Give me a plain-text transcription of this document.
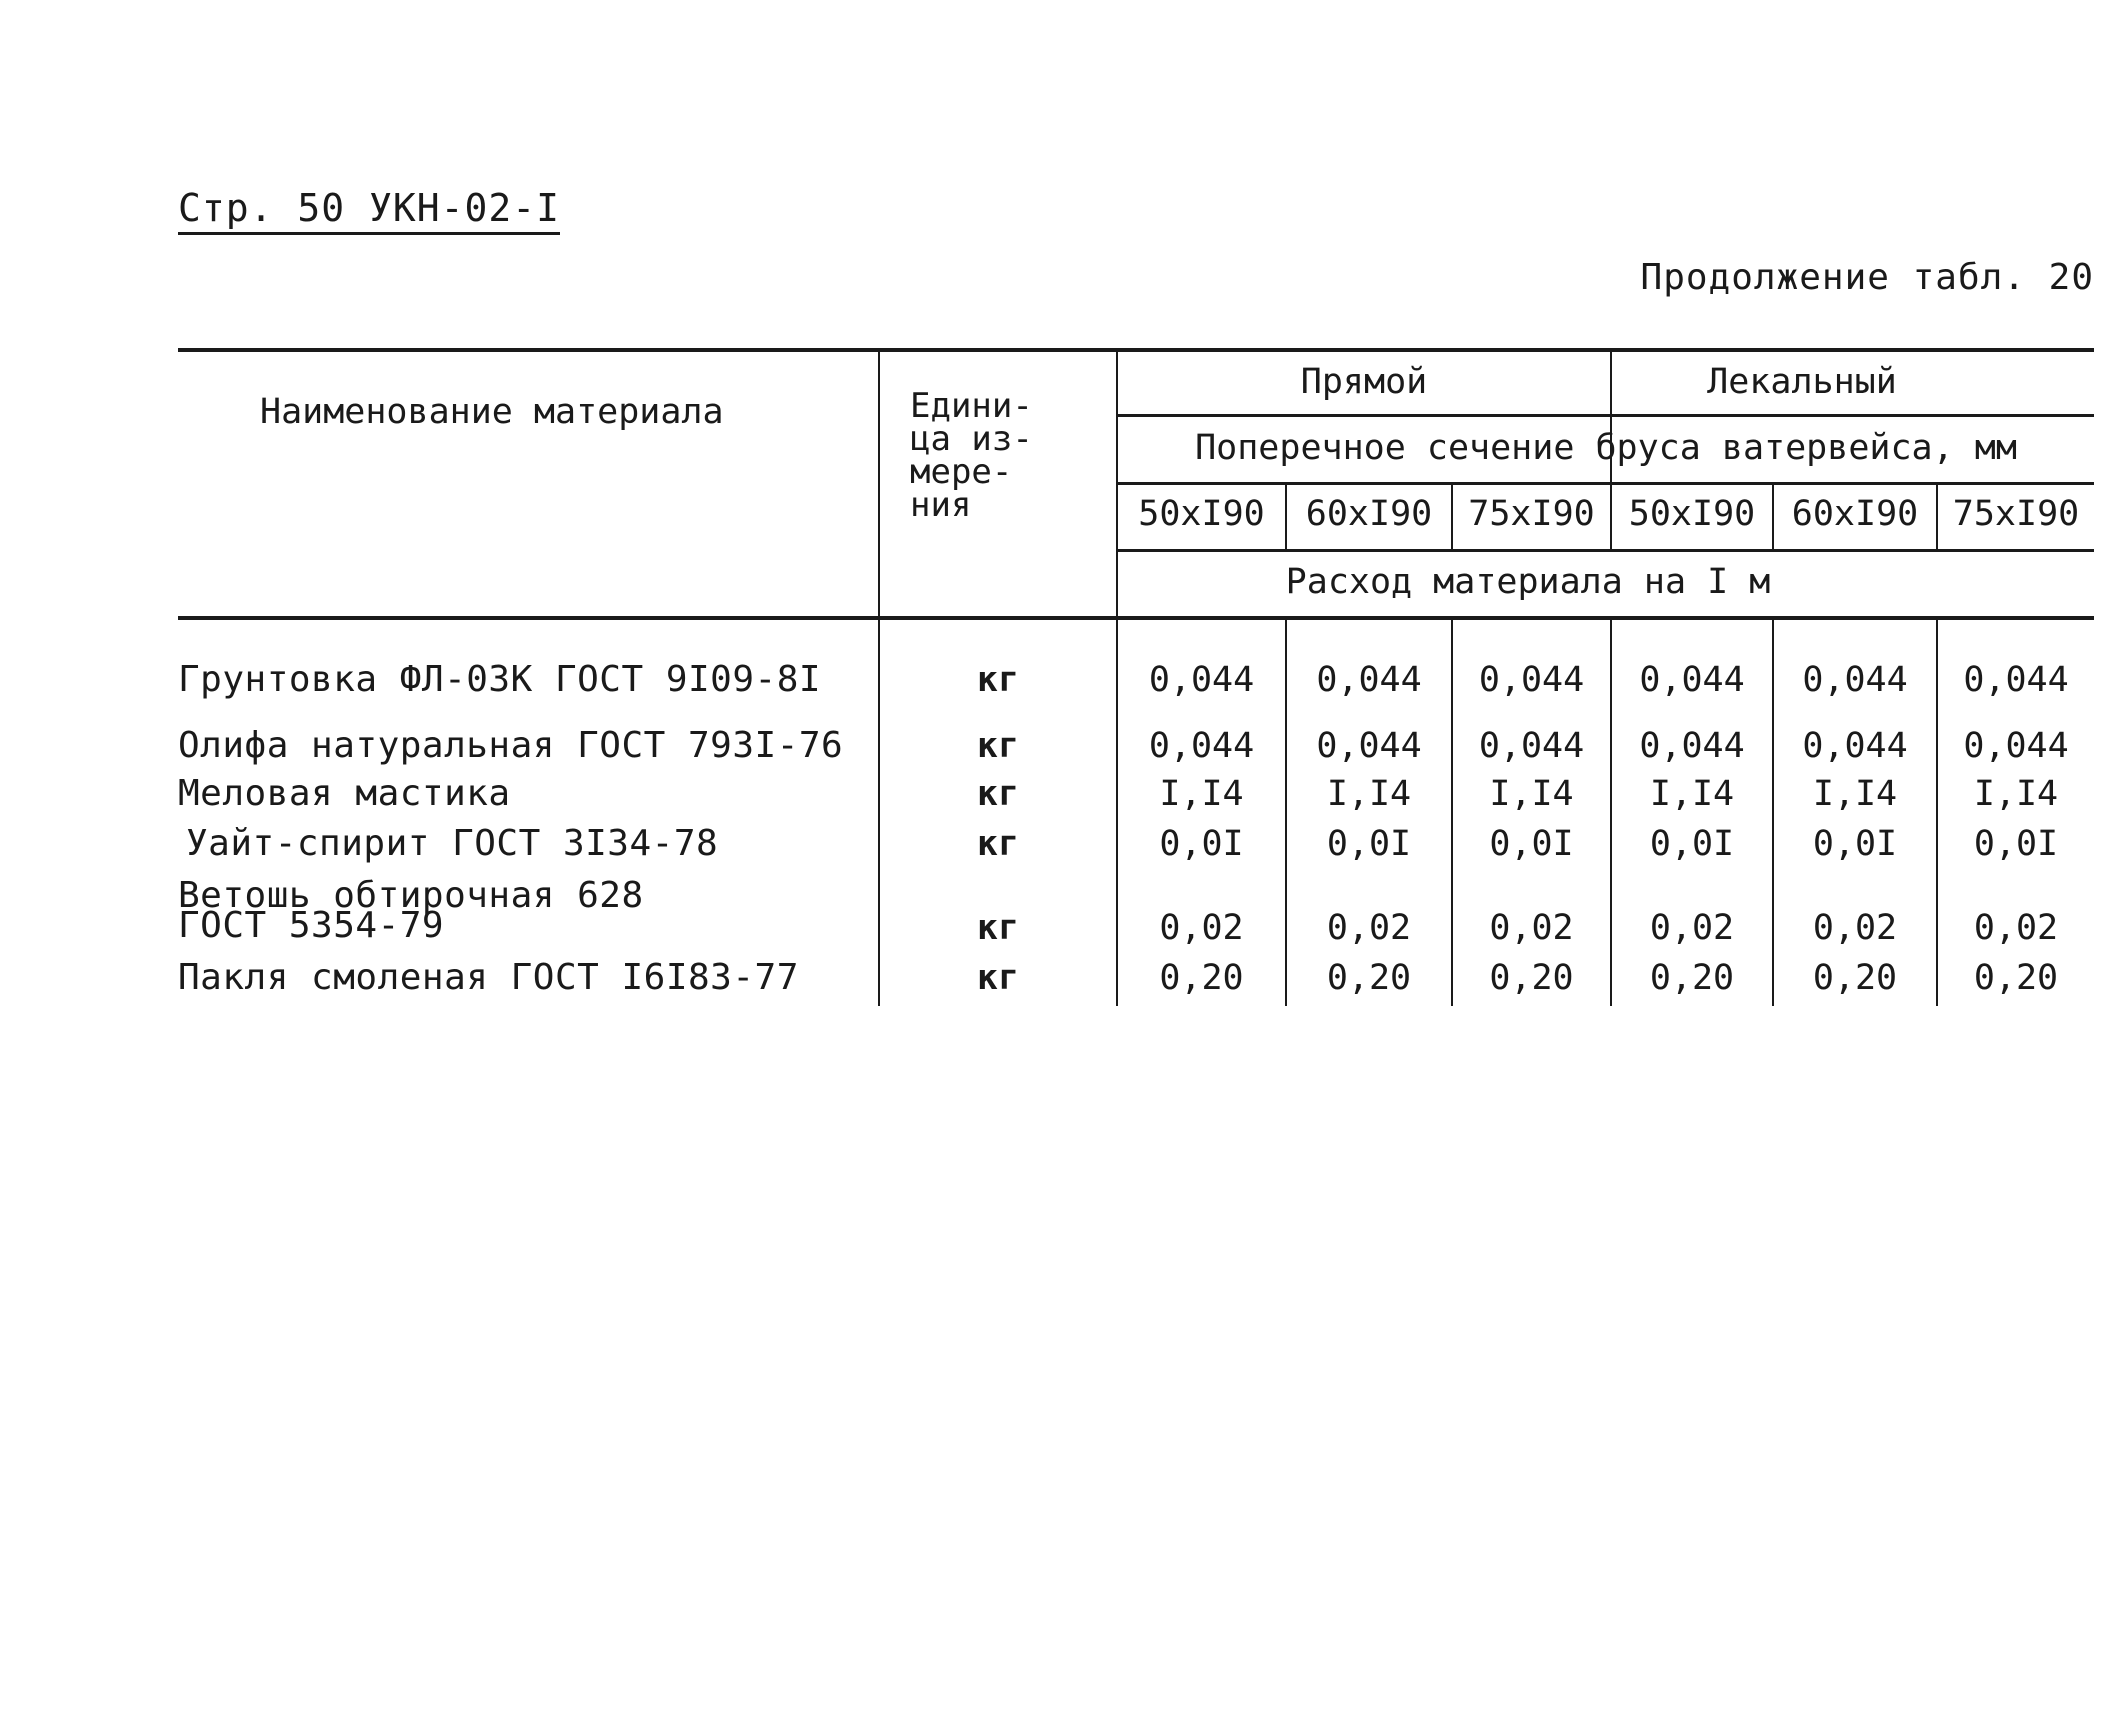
Стр. 50 УКН-02-I
Продолжение табл. 20
Наименование материала	Едини-
ца из-
мере-
ния
Прямой	Лекальный
Поперечное сечение бруса ватервейса, мм
50хI90	60хI90	75хI90 50хI90	60хI90 75хI90
Расход материала на I м
Грунтовка ФЛ-03К ГОСТ 9I09-8I	кг	0,044	0,044	0,044	0,044	0,044	0,044
Олифа натуральная ГОСТ 793I-76	кг	0,044	0,044	0,044	0,044	0,044	0,044
Меловая мастика	кг	I,I4	I,I4	I,I4	I,I4	I,I4	I,I4
Уайт-спирит ГОСТ 3I34-78	кг	0,0I	0,0I	0,0I	0,0I	0,0I	0,0I
Ветошь обтирочная 628
ГОСТ 5354-79	кг	0,02	0,02	0,02	0,02	0,02	0,02
Пакля смоленая ГОСТ I6I83-77	кг	0,20	0,20	0,20	0,20	0,20	0,20
